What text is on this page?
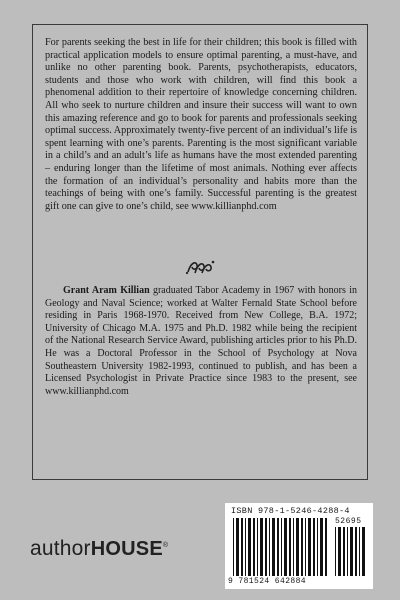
For parents seeking the best in life for their children; this book is filled with practical application models to ensure optimal parenting, a must-have, and unlike no other parenting book. Parents, psychotherapists, educators, students and those who work with children, will find this book a phenomenal addition to their repertoire of knowledge concerning children. All who seek to nurture children and insure their success will want to own this amazing reference and go to book for parents and professionals seeking optimal success. Approximately twenty-five percent of an individual’s life is spent learning with one’s parents. Parenting is the most significant variable in a child’s and an adult’s life as humans have the most extended parenting – enduring longer than the lifetime of most animals. Nothing ever affects the formation of an individual’s personality and habits more than the teachings of being with one’s family. Successful parenting is the greatest gift one can give to one’s child, see www.killianphd.com

Grant Aram Killian graduated Tabor Academy in 1967 with honors in Geology and Naval Science; worked at Walter Fernald State School before residing in Paris 1968-1970. Received from New College, B.A. 1972; University of Chicago M.A. 1975 and Ph.D. 1982 while being the recipient of the National Research Service Award, publishing articles prior to his Ph.D. He was a Doctoral Professor in the School of Psychology at Nova Southeastern University 1982-1993, continued to publish, and has been a Licensed Psychologist in Private Practice since 1983 to the present, see www.killianphd.com

authorHOUSE®
ISBN 978-1-5246-4288-4
52695
9 781524 642884
